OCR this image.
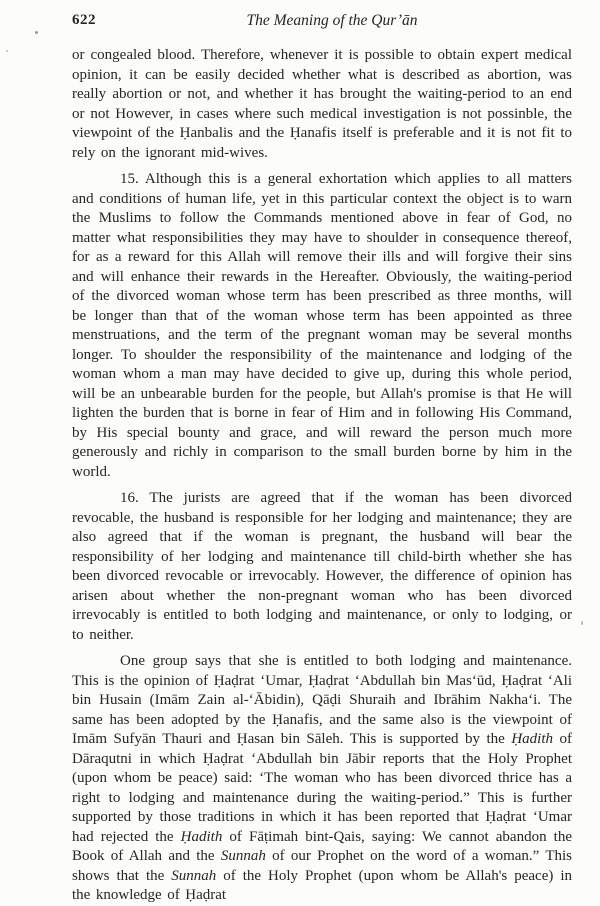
622	The Meaning of the Qur’ān

or congealed blood. Therefore, whenever it is possible to obtain expert medical opinion, it can be easily decided whether what is described as abortion, was really abortion or not, and whether it has brought the waiting-period to an end or not However, in cases where such medical investigation is not possinble, the viewpoint of the Ḥanbalis and the Ḥanafis itself is preferable and it is not fit to rely on the ignorant mid-wives.

15. Although this is a general exhortation which applies to all matters and conditions of human life, yet in this particular context the object is to warn the Muslims to follow the Commands mentioned above in fear of God, no matter what responsibilities they may have to shoulder in consequence thereof, for as a reward for this Allah will remove their ills and will forgive their sins and will enhance their rewards in the Hereafter. Obviously, the waiting-period of the divorced woman whose term has been prescribed as three months, will be longer than that of the woman whose term has been appointed as three menstruations, and the term of the pregnant woman may be several months longer. To shoulder the responsibility of the maintenance and lodging of the woman whom a man may have decided to give up, during this whole period, will be an unbearable burden for the people, but Allah's promise is that He will lighten the burden that is borne in fear of Him and in following His Command, by His special bounty and grace, and will reward the person much more generously and richly in comparison to the small burden borne by him in the world.

16. The jurists are agreed that if the woman has been divorced revocable, the husband is responsible for her lodging and maintenance; they are also agreed that if the woman is pregnant, the husband will bear the responsibility of her lodging and maintenance till child-birth whether she has been divorced revocable or irrevocably. However, the difference of opinion has arisen about whether the non-pregnant woman who has been divorced irrevocably is entitled to both lodging and maintenance, or only to lodging, or to neither.

One group says that she is entitled to both lodging and maintenance. This is the opinion of Ḥaḍrat ‘Umar, Ḥaḍrat ‘Abdullah bin Mas‘ūd, Ḥaḍrat ‘Ali bin Husain (Imām Zain al-‘Ābidin), Qāḍi Shuraih and Ibrāhim Nakha‘i. The same has been adopted by the Ḥanafis, and the same also is the viewpoint of Imām Sufyān Thauri and Ḥasan bin Sāleh. This is supported by the Ḥadith of Dāraqutni in which Ḥaḍrat ‘Abdullah bin Jābir reports that the Holy Prophet (upon whom be peace) said: ‘The woman who has been divorced thrice has a right to lodging and maintenance during the waiting-period.” This is further supported by those traditions in which it has been reported that Ḥaḍrat ‘Umar had rejected the Ḥadith of Fāṭimah bint-Qais, saying: We cannot abandon the Book of Allah and the Sunnah of our Prophet on the word of a woman.” This shows that the Sunnah of the Holy Prophet (upon whom be Allah's peace) in the knowledge of Ḥaḍrat
